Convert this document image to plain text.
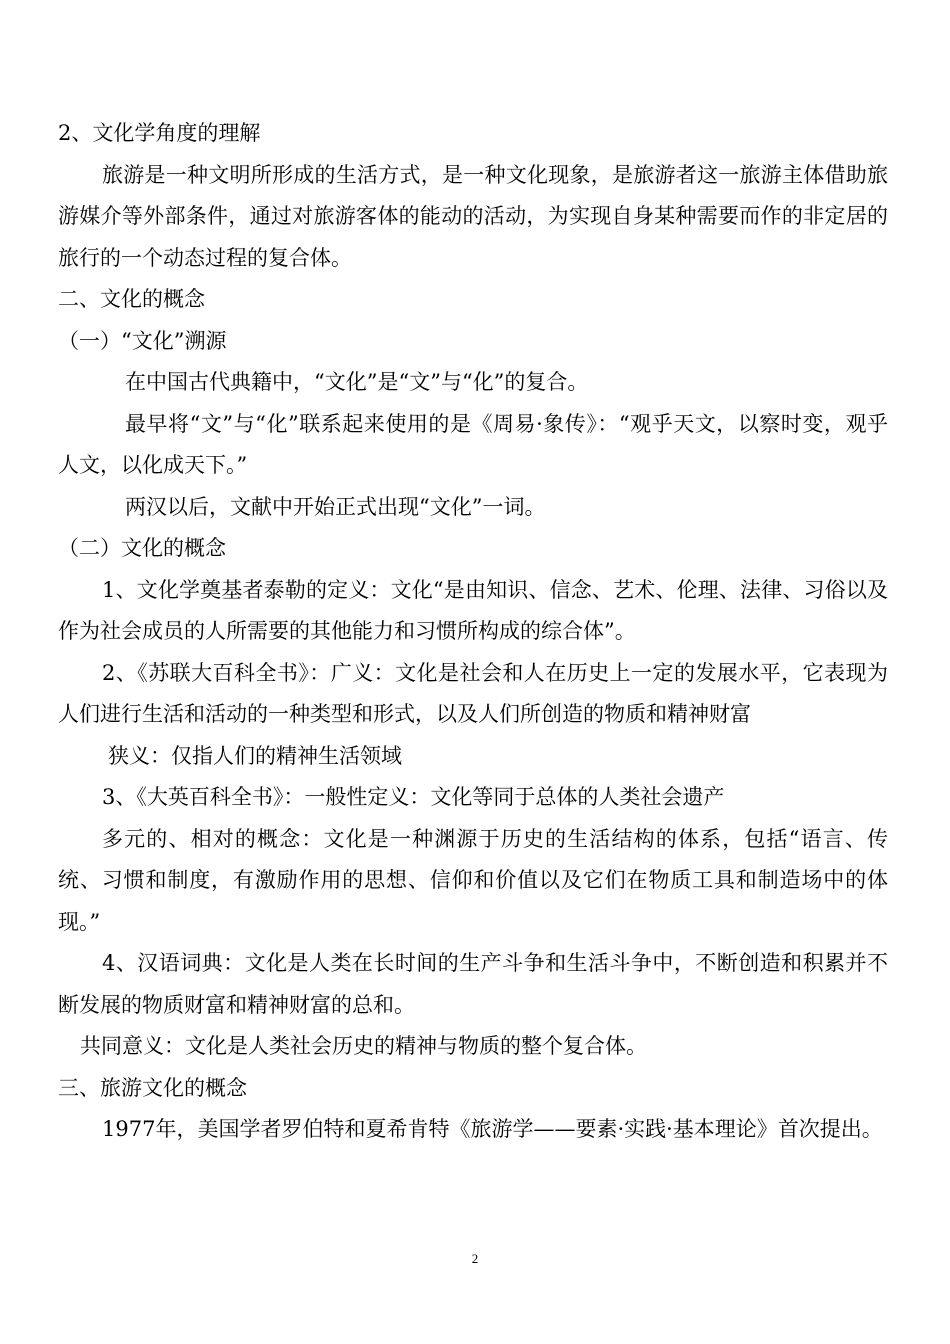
2、文化学角度的理解

旅游是一种文明所形成的生活方式，是一种文化现象，是旅游者这一旅游主体借助旅游媒介等外部条件，通过对旅游客体的能动的活动，为实现自身某种需要而作的非定居的旅行的一个动态过程的复合体。

二、文化的概念

（一）“文化”溯源

在中国古代典籍中，“文化”是“文”与“化”的复合。

最早将“文”与“化”联系起来使用的是《周易·象传》：“观乎天文，以察时变，观乎人文，以化成天下。”

两汉以后，文献中开始正式出现“文化”一词。

（二）文化的概念

1、文化学奠基者泰勒的定义：文化“是由知识、信念、艺术、伦理、法律、习俗以及作为社会成员的人所需要的其他能力和习惯所构成的综合体”。

2、《苏联大百科全书》：广义：文化是社会和人在历史上一定的发展水平，它表现为人们进行生活和活动的一种类型和形式，以及人们所创造的物质和精神财富

狭义：仅指人们的精神生活领域

3、《大英百科全书》：一般性定义：文化等同于总体的人类社会遗产

多元的、相对的概念：文化是一种渊源于历史的生活结构的体系，包括“语言、传统、习惯和制度，有激励作用的思想、信仰和价值以及它们在物质工具和制造场中的体现。”

4、汉语词典：文化是人类在长时间的生产斗争和生活斗争中，不断创造和积累并不断发展的物质财富和精神财富的总和。

共同意义：文化是人类社会历史的精神与物质的整个复合体。

三、旅游文化的概念

1977年，美国学者罗伯特和夏希肯特《旅游学——要素·实践·基本理论》首次提出。

2
